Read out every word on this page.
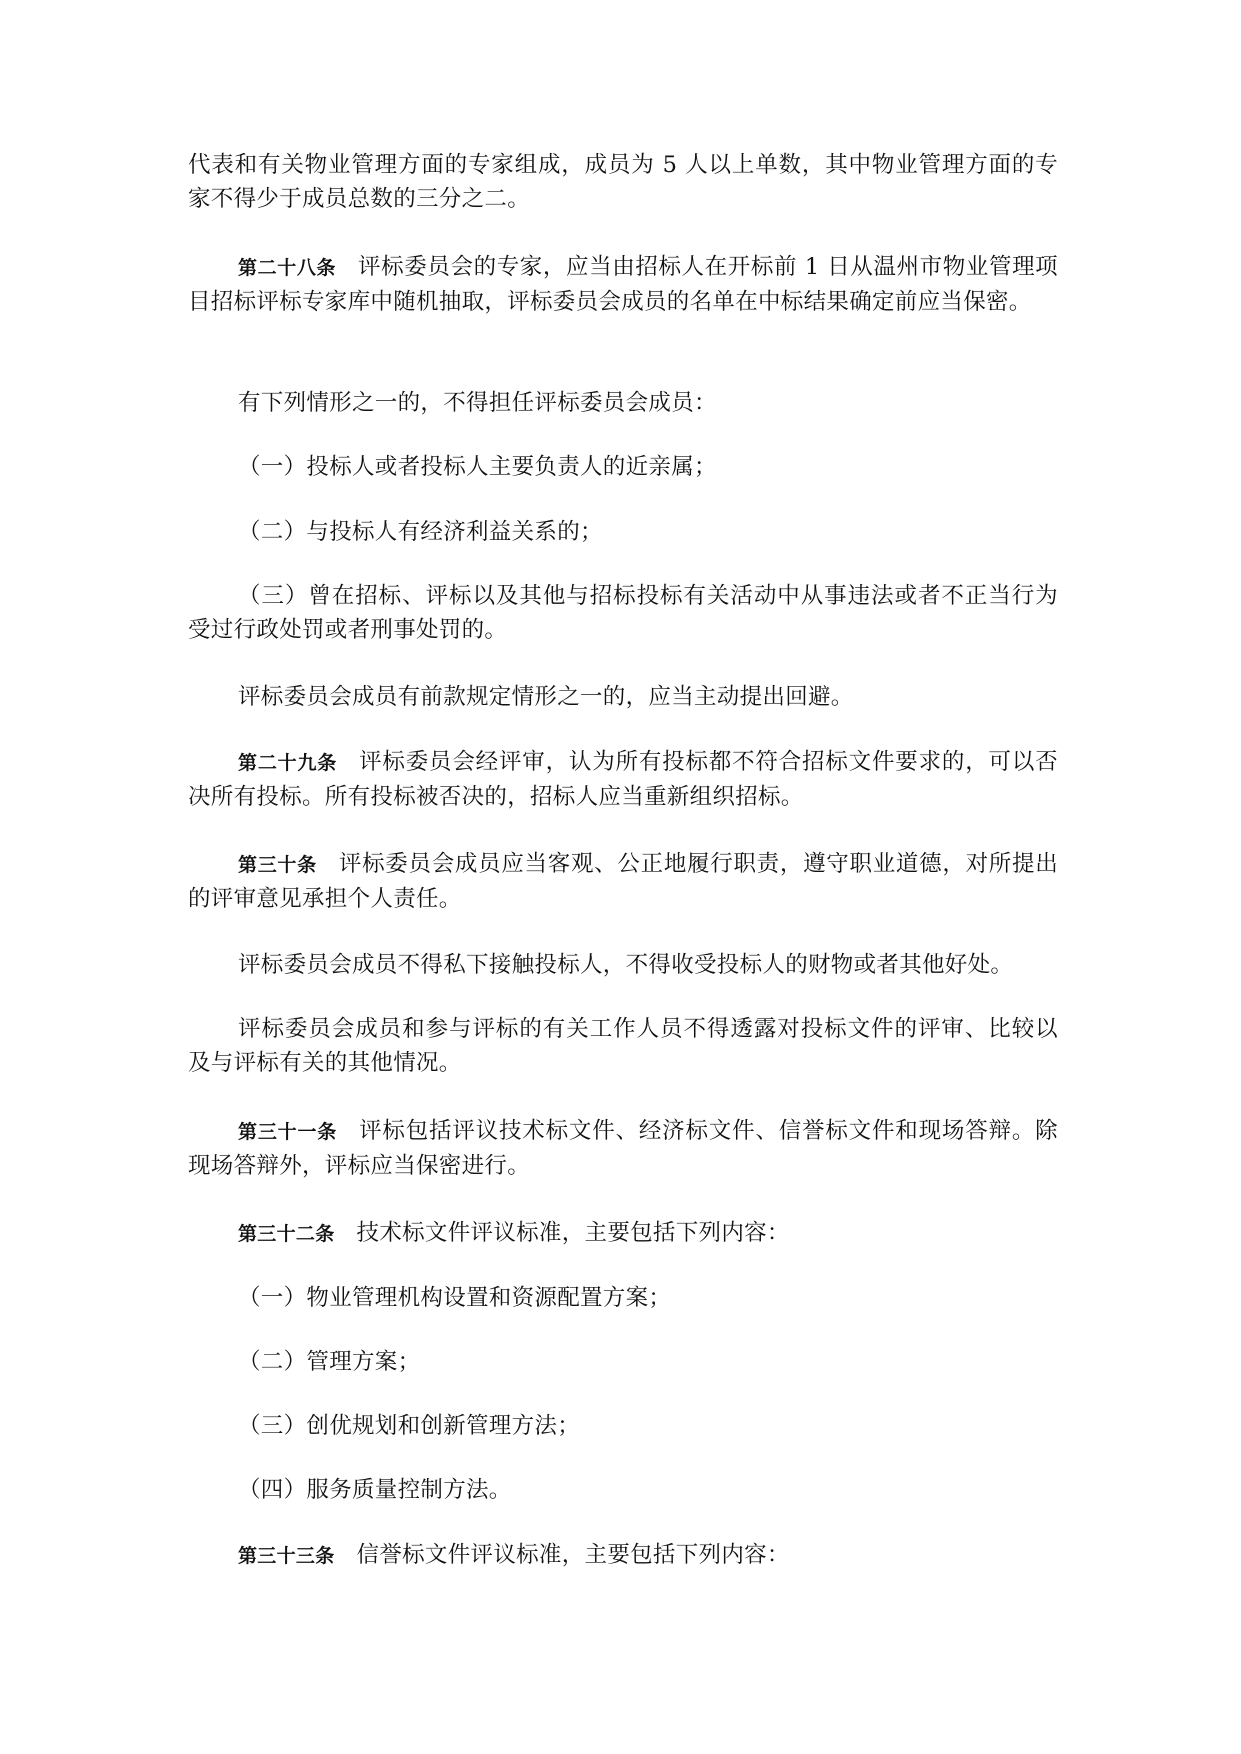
代表和有关物业管理方面的专家组成，成员为 5 人以上单数，其中物业管理方面的专家不得少于成员总数的三分之二。

第二十八条 评标委员会的专家，应当由招标人在开标前 1 日从温州市物业管理项目招标评标专家库中随机抽取，评标委员会成员的名单在中标结果确定前应当保密。

有下列情形之一的，不得担任评标委员会成员：

（一）投标人或者投标人主要负责人的近亲属；

（二）与投标人有经济利益关系的；

（三）曾在招标、评标以及其他与招标投标有关活动中从事违法或者不正当行为受过行政处罚或者刑事处罚的。

评标委员会成员有前款规定情形之一的，应当主动提出回避。

第二十九条 评标委员会经评审，认为所有投标都不符合招标文件要求的，可以否决所有投标。所有投标被否决的，招标人应当重新组织招标。

第三十条 评标委员会成员应当客观、公正地履行职责，遵守职业道德，对所提出的评审意见承担个人责任。

评标委员会成员不得私下接触投标人，不得收受投标人的财物或者其他好处。

评标委员会成员和参与评标的有关工作人员不得透露对投标文件的评审、比较以及与评标有关的其他情况。

第三十一条 评标包括评议技术标文件、经济标文件、信誉标文件和现场答辩。除现场答辩外，评标应当保密进行。

第三十二条 技术标文件评议标准，主要包括下列内容：

（一）物业管理机构设置和资源配置方案；

（二）管理方案；

（三）创优规划和创新管理方法；

（四）服务质量控制方法。

第三十三条 信誉标文件评议标准，主要包括下列内容：
